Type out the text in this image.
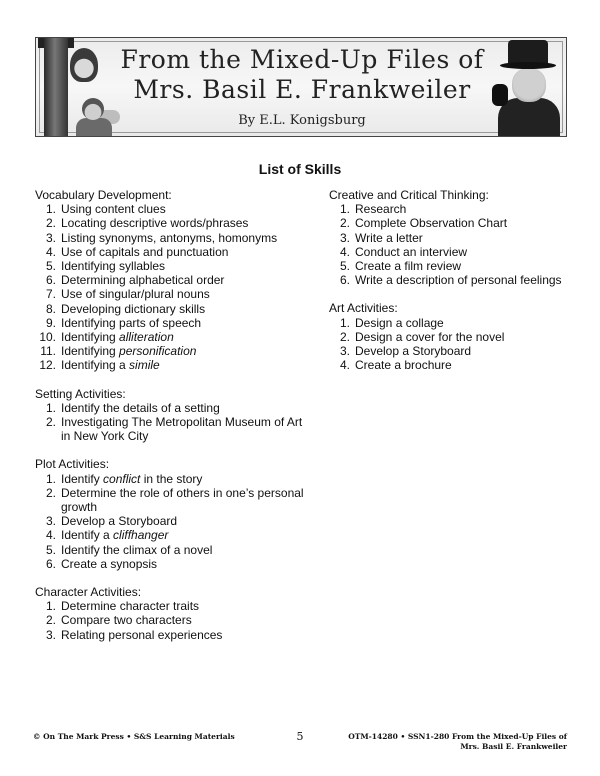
From the Mixed-Up Files of
Mrs. Basil E. Frankweiler
By E.L. Konigsburg
List of Skills
Vocabulary Development:
1. Using content clues
2. Locating descriptive words/phrases
3. Listing synonyms, antonyms, homonyms
4. Use of capitals and punctuation
5. Identifying syllables
6. Determining alphabetical order
7. Use of singular/plural nouns
8. Developing dictionary skills
9. Identifying parts of speech
10. Identifying alliteration
11. Identifying personification
12. Identifying a simile
Setting Activities:
1. Identify the details of a setting
2. Investigating The Metropolitan Museum of Art in New York City
Plot Activities:
1. Identify conflict in the story
2. Determine the role of others in one’s personal growth
3. Develop a Storyboard
4. Identify a cliffhanger
5. Identify the climax of a novel
6. Create a synopsis
Character Activities:
1. Determine character traits
2. Compare two characters
3. Relating personal experiences
Creative and Critical Thinking:
1. Research
2. Complete Observation Chart
3. Write a letter
4. Conduct an interview
5. Create a film review
6. Write a description of personal feelings
Art Activities:
1. Design a collage
2. Design a cover for the novel
3. Develop a Storyboard
4. Create a brochure
© On The Mark Press • S&S Learning Materials	5	OTM-14280 • SSN1-280 From the Mixed-Up Files of
Mrs. Basil E. Frankweiler
